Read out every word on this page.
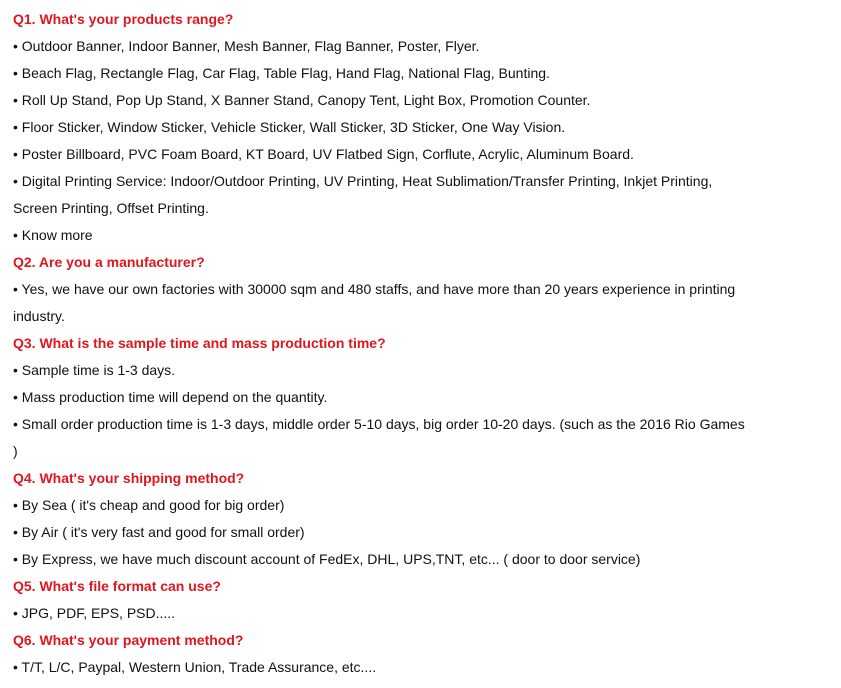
Q1. What's your products range?
• Outdoor Banner, Indoor Banner, Mesh Banner, Flag Banner, Poster, Flyer.
• Beach Flag, Rectangle Flag, Car Flag, Table Flag, Hand Flag, National Flag, Bunting.
• Roll Up Stand, Pop Up Stand, X Banner Stand, Canopy Tent, Light Box, Promotion Counter.
• Floor Sticker, Window Sticker, Vehicle Sticker, Wall Sticker, 3D Sticker, One Way Vision.
• Poster Billboard, PVC Foam Board, KT Board, UV Flatbed Sign, Corflute, Acrylic, Aluminum Board.
• Digital Printing Service: Indoor/Outdoor Printing, UV Printing, Heat Sublimation/Transfer Printing, Inkjet Printing,
Screen Printing, Offset Printing.
• Know more
Q2. Are you a manufacturer?
• Yes, we have our own factories with 30000 sqm and 480 staffs, and have more than 20 years experience in printing
industry.
Q3. What is the sample time and mass production time?
• Sample time is 1-3 days.
• Mass production time will depend on the quantity.
• Small order production time is 1-3 days, middle order 5-10 days, big order 10-20 days. (such as the 2016 Rio Games
)
Q4. What's your shipping method?
• By Sea ( it's cheap and good for big order)
• By Air ( it's very fast and good for small order)
• By Express, we have much discount account of FedEx, DHL, UPS,TNT, etc... ( door to door service)
Q5. What's file format can use?
• JPG, PDF, EPS, PSD.....
Q6. What's your payment method?
• T/T, L/C, Paypal, Western Union, Trade Assurance, etc....
